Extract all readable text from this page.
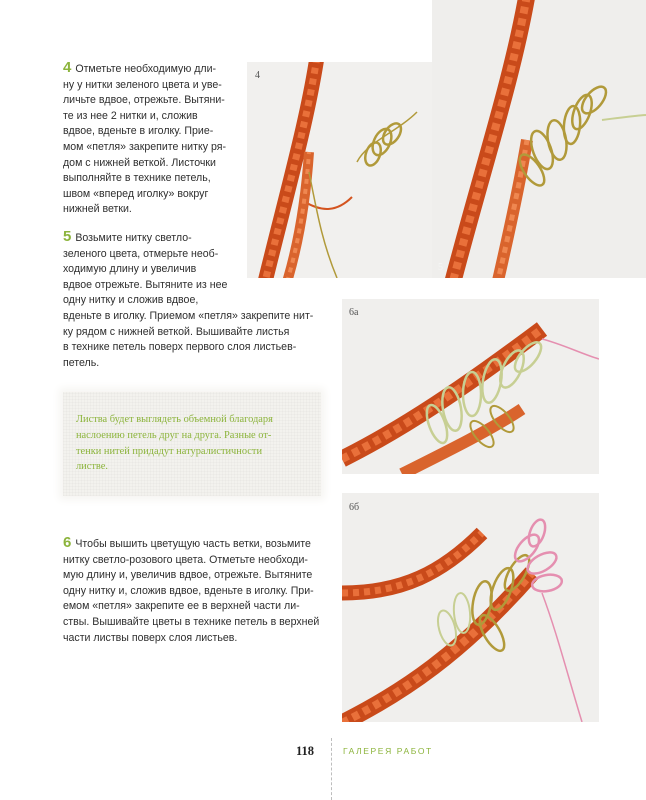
4 Отметьте необходимую дли-
ну у нитки зеленого цвета и уве-
личьте вдвое, отрежьте. Вытяни-
те из нее 2 нитки и, сложив
вдвое, вденьте в иголку. Прие-
мом «петля» закрепите нитку ря-
дом с нижней веткой. Листочки
выполняйте в технике петель,
швом «вперед иголку» вокруг
нижней ветки.
5 Возьмите нитку светло-
зеленого цвета, отмерьте необ-
ходимую длину и увеличив
вдвое отрежьте. Вытяните из нее
одну нитку и сложив вдвое,
вденьте в иголку. Приемом «петля» закрепите нит-
ку рядом с нижней веткой. Вышивайте листья
в технике петель поверх первого слоя листьев-
петель.
Листва будет выглядеть объемной благодаря
наслоению петель друг на друга. Разные от-
тенки нитей придадут натуралистичности
листве.
6 Чтобы вышить цветущую часть ветки, возьмите
нитку светло-розового цвета. Отметьте необходи-
мую длину и, увеличив вдвое, отрежьте. Вытяните
одну нитку и, сложив вдвое, вденьте в иголку. При-
емом «петля» закрепите ее в верхней части ли-
ствы. Вышивайте цветы в технике петель в верхней
части листвы поверх слоя листьев.
4
5
6а
6б
118	ГАЛЕРЕЯ РАБОТ
